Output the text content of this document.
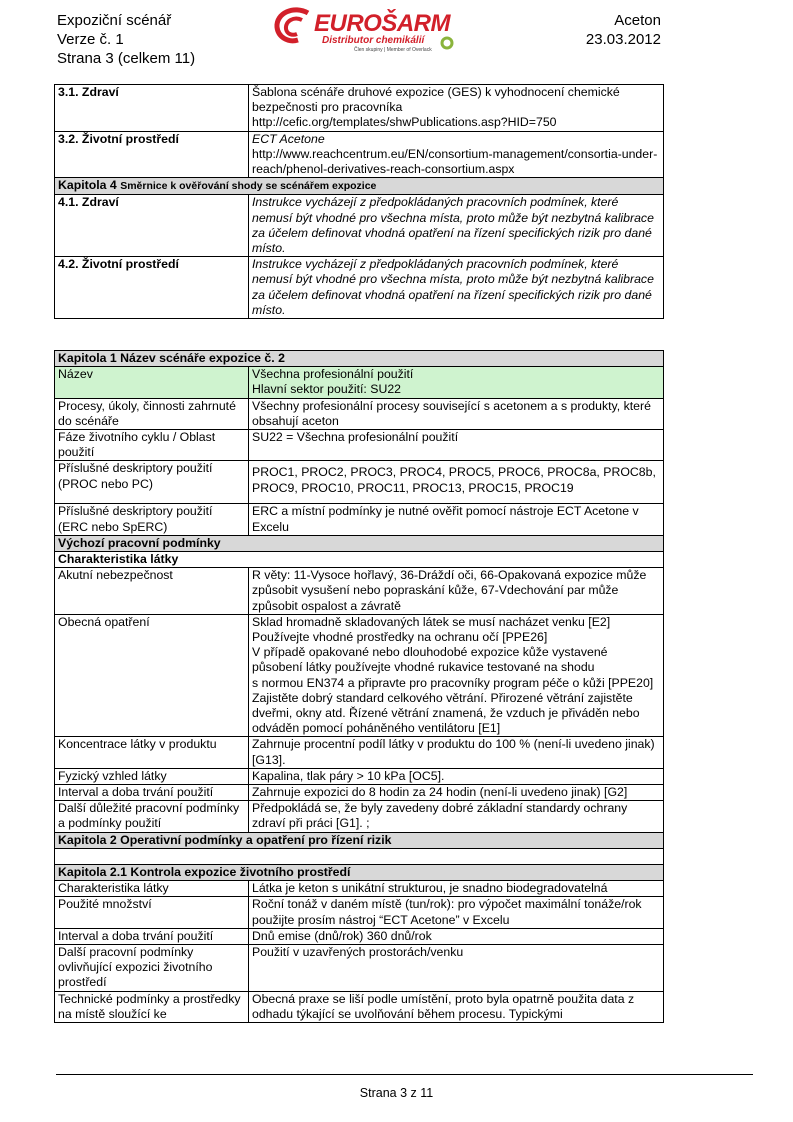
Expoziční scénář
Verze č. 1
Strana 3 (celkem 11)
EUROŠARM
Distributor chemikálií
Člen skupiny | Member of Overlack
Aceton
23.03.2012
3.1. Zdraví	Šablona scénáře druhové expozice (GES) k vyhodnocení chemické bezpečnosti pro pracovníka
http://cefic.org/templates/shwPublications.asp?HID=750
3.2. Životní prostředí	ECT Acetone
http://www.reachcentrum.eu/EN/consortium-management/consortia-under-reach/phenol-derivatives-reach-consortium.aspx

Kapitola 4 Směrnice k ověřování shody se scénářem expozice	
4.1. Zdraví	Instrukce vycházejí z předpokládaných pracovních podmínek, které nemusí být vhodné pro všechna místa, proto může být nezbytná kalibrace za účelem definovat vhodná opatření na řízení specifických rizik pro dané místo.
4.2. Životní prostředí	Instrukce vycházejí z předpokládaných pracovních podmínek, které nemusí být vhodné pro všechna místa, proto může být nezbytná kalibrace za účelem definovat vhodná opatření na řízení specifických rizik pro dané místo.
Kapitola 1 Název scénáře expozice č. 2	
Název	Všechna profesionální použití
Hlavní sektor použití: SU22
Procesy, úkoly, činnosti zahrnuté do scénáře	Všechny profesionální procesy související s acetonem a s produkty, které obsahují aceton
Fáze životního cyklu / Oblast použití	SU22 = Všechna profesionální použití
Příslušné deskriptory použití (PROC nebo PC)	PROC1, PROC2, PROC3, PROC4, PROC5, PROC6, PROC8a, PROC8b, PROC9, PROC10, PROC11, PROC13, PROC15, PROC19
Příslušné deskriptory použití (ERC nebo SpERC)	ERC a místní podmínky je nutné ověřit pomocí nástroje ECT Acetone v Excelu
Výchozí pracovní podmínky	
Charakteristika látky	
Akutní nebezpečnost	R věty: 11-Vysoce hořlavý, 36-Dráždí oči, 66-Opakovaná expozice může způsobit vysušení nebo popraskání kůže, 67-Vdechování par může způsobit ospalost a závratě
Obecná opatření	Sklad hromadně skladovaných látek se musí nacházet venku [E2]
Používejte vhodné prostředky na ochranu očí [PPE26]
V případě opakované nebo dlouhodobé expozice kůže vystavené působení látky používejte vhodné rukavice testované na shodu
s normou EN374 a připravte pro pracovníky program péče o kůži [PPE20]
Zajistěte dobrý standard celkového větrání. Přirozené větrání zajistěte dveřmi, okny atd. Řízené větrání znamená, že vzduch je přiváděn nebo odváděn pomocí poháněného ventilátoru [E1]
Koncentrace látky v produktu	Zahrnuje procentní podíl látky v produktu do 100 % (není-li uvedeno jinak) [G13].
Fyzický vzhled látky	Kapalina, tlak páry > 10 kPa [OC5].
Interval a doba trvání použití	Zahrnuje expozici do 8 hodin za 24 hodin (není-li uvedeno jinak) [G2]
Další důležité pracovní podmínky a podmínky použití	Předpokládá se, že byly zavedeny dobré základní standardy ochrany zdraví při práci [G1]. ;
Kapitola 2 Operativní podmínky a opatření pro řízení rizik	

Kapitola 2.1 Kontrola expozice životního prostředí	
Charakteristika látky	Látka je keton s unikátní strukturou, je snadno biodegradovatelná
Použité množství	Roční tonáž v daném místě (tun/rok): pro výpočet maximální tonáže/rok použijte prosím nástroj “ECT Acetone” v Excelu
Interval a doba trvání použití	Dnů emise (dnů/rok) 360 dnů/rok
Další pracovní podmínky ovlivňující expozici životního prostředí	Použití v uzavřených prostorách/venku
Technické podmínky a prostředky na místě sloužící ke	Obecná praxe se liší podle umístění, proto byla opatrně použita data z odhadu týkající se uvolňování během procesu. Typickými
Strana 3 z 11
